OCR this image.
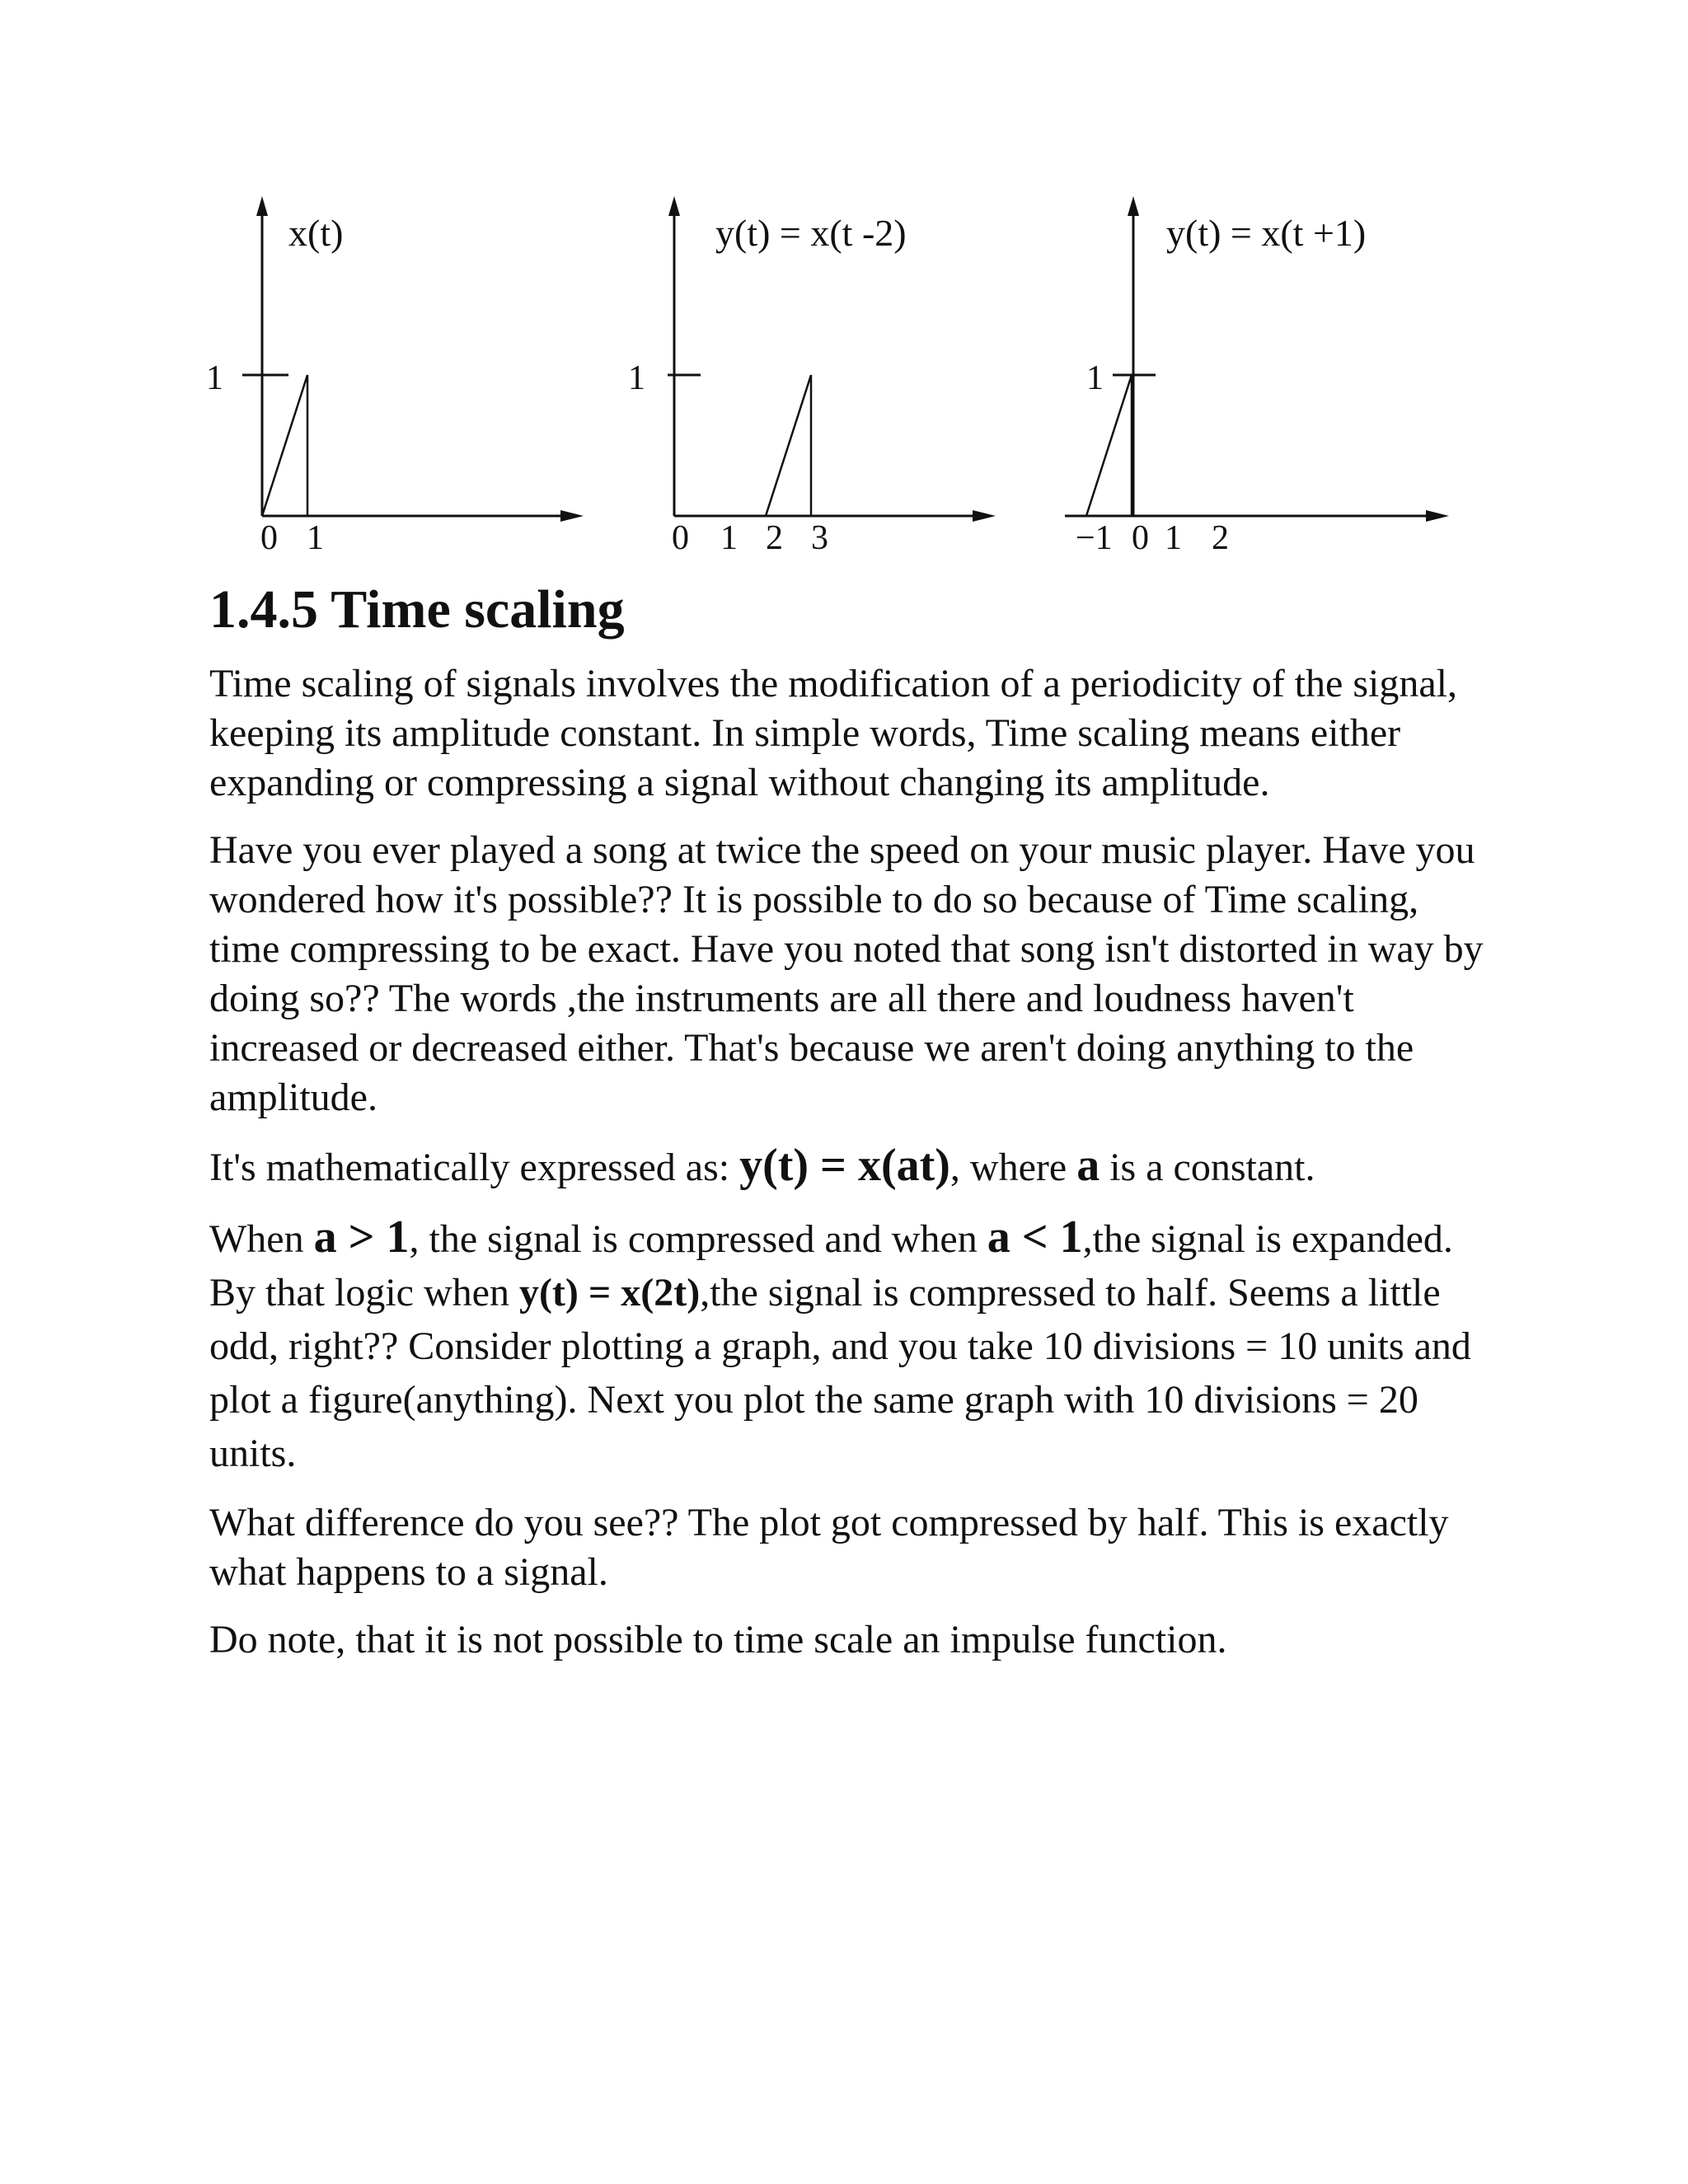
x(t)
1
0 1
y(t) = x(t -2)
1
0 1 2 3
y(t) = x(t +1)
1
−1 0 1 2
1.4.5 Time scaling

Time scaling of signals involves the modification of a periodicity of the signal, keeping its amplitude constant. In simple words, Time scaling means either expanding or compressing a signal without changing its amplitude.

Have you ever played a song at twice the speed on your music player. Have you wondered how it's possible?? It is possible to do so because of Time scaling, time compressing to be exact. Have you noted that song isn't distorted in way by doing so?? The words ,the instruments are all there and loudness haven't increased or decreased either. That's because we aren't doing anything to the amplitude.

It's mathematically expressed as: y(t) = x(at), where a is a constant.

When a > 1, the signal is compressed and when a < 1,the signal is expanded. By that logic when y(t) = x(2t),the signal is compressed to half. Seems a little odd, right?? Consider plotting a graph, and you take 10 divisions = 10 units and plot a figure(anything). Next you plot the same graph with 10 divisions = 20 units.

What difference do you see?? The plot got compressed by half. This is exactly what happens to a signal.

Do note, that it is not possible to time scale an impulse function.
